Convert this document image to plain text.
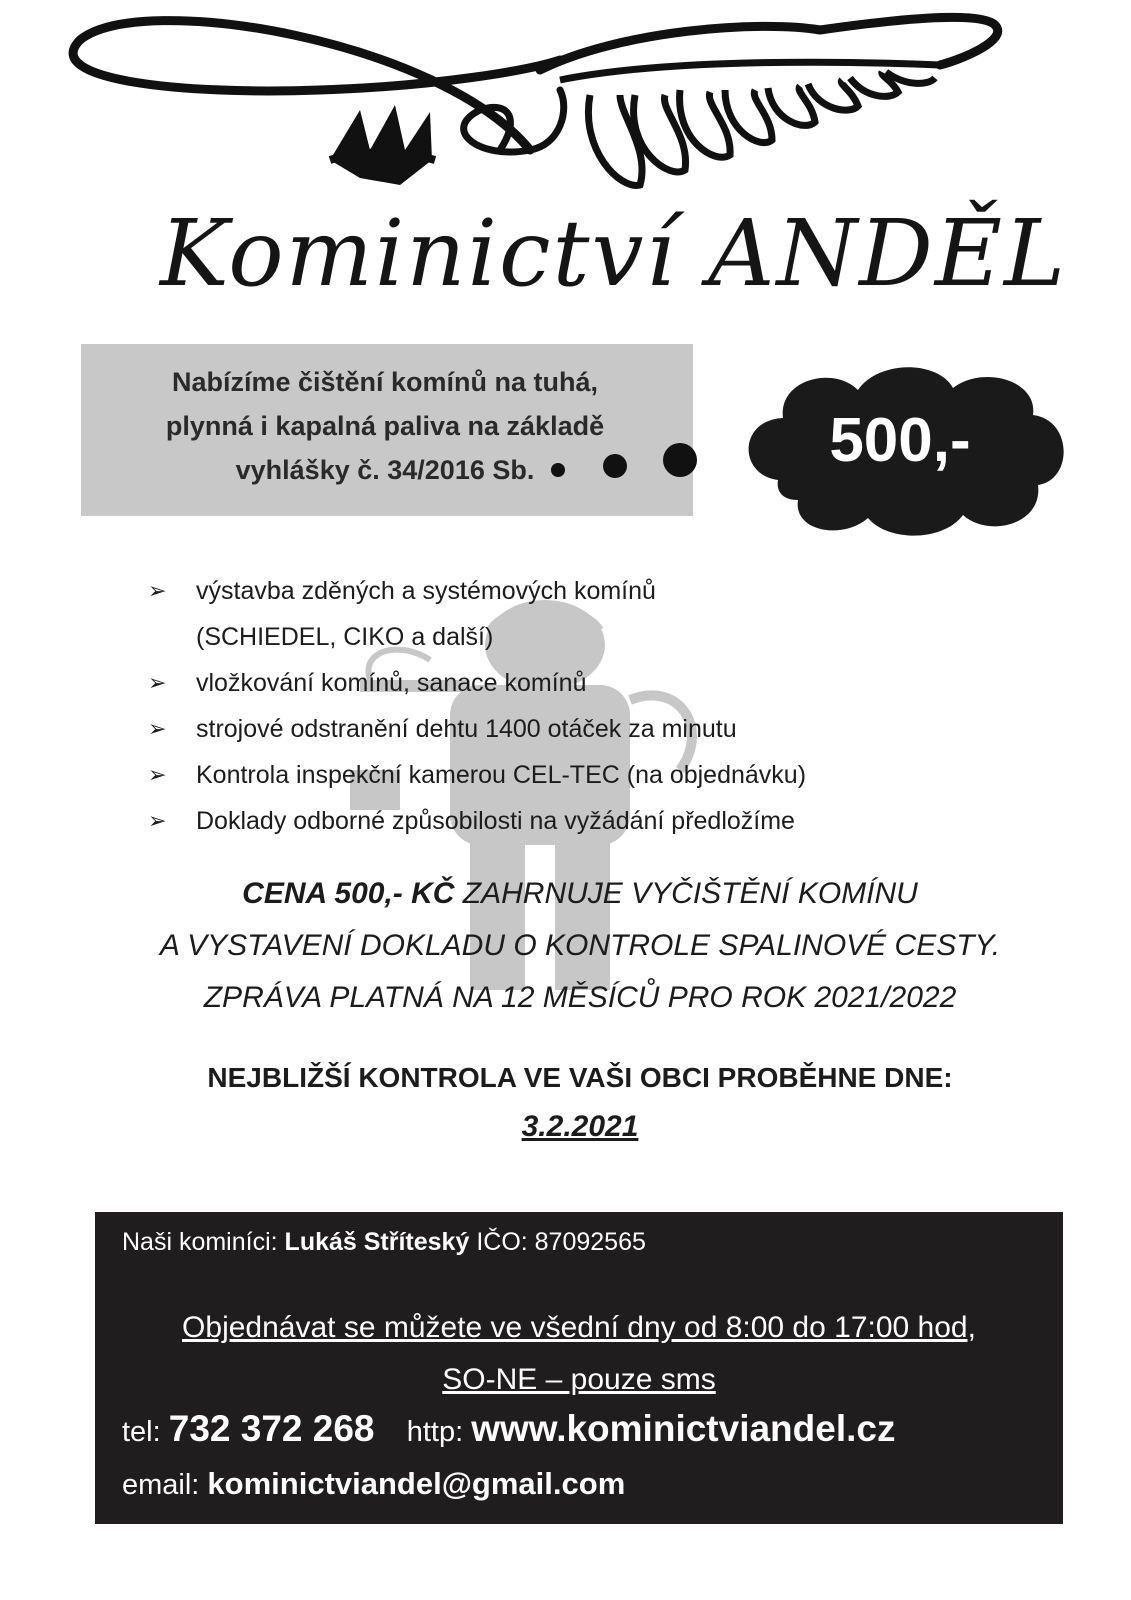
Kominictví ANDĚL
Nabízíme čištění komínů na tuhá,
plynná i kapalná paliva na základě
vyhlášky č. 34/2016 Sb.	500,-
➢ výstavba zděných a systémových komínů
(SCHIEDEL, CIKO a další)
➢ vložkování komínů, sanace komínů
➢ strojové odstranění dehtu 1400 otáček za minutu
➢ Kontrola inspekční kamerou CEL-TEC (na objednávku)
➢ Doklady odborné způsobilosti na vyžádání předložíme
CENA 500,- KČ ZAHRNUJE VYČIŠTĚNÍ KOMÍNU
A VYSTAVENÍ DOKLADU O KONTROLE SPALINOVÉ CESTY.
ZPRÁVA PLATNÁ NA 12 MĚSÍCŮ PRO ROK 2021/2022
NEJBLIŽŠÍ KONTROLA VE VAŠI OBCI PROBĚHNE DNE:
3.2.2021
Naši kominíci: Lukáš Stříteský IČO: 87092565
Objednávat se můžete ve všední dny od 8:00 do 17:00 hod,
SO-NE – pouze sms
tel: 732 372 268    http: www.kominictviandel.cz
email: kominictviandel@gmail.com
